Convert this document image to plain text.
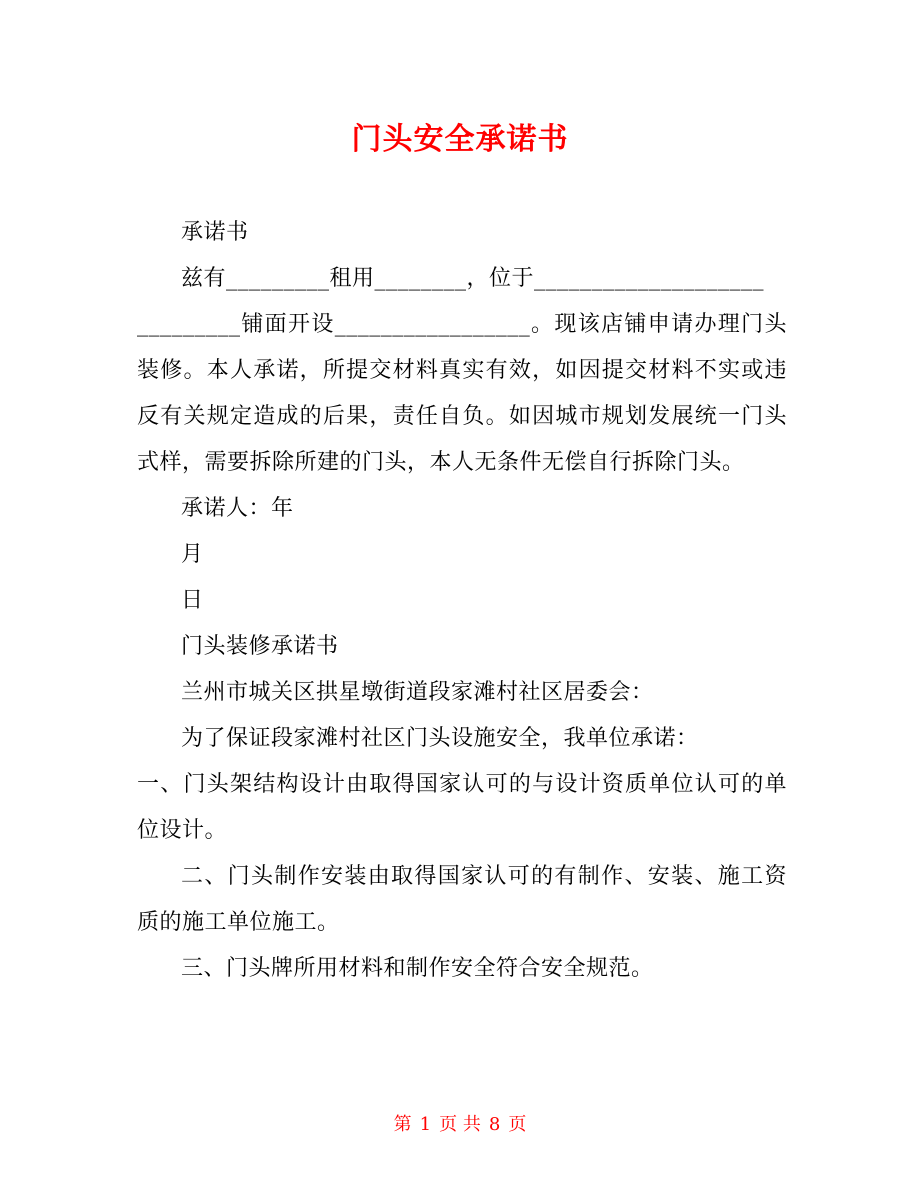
门头安全承诺书

承诺书

兹有_________租用________，位于____________________

_________铺面开设_________________。现该店铺申请办理门头装修。本人承诺，所提交材料真实有效，如因提交材料不实或违反有关规定造成的后果，责任自负。如因城市规划发展统一门头式样，需要拆除所建的门头，本人无条件无偿自行拆除门头。

承诺人：年

月

日

门头装修承诺书

兰州市城关区拱星墩街道段家滩村社区居委会：

为了保证段家滩村社区门头设施安全，我单位承诺：

一、门头架结构设计由取得国家认可的与设计资质单位认可的单位设计。

二、门头制作安装由取得国家认可的有制作、安装、施工资质的施工单位施工。

三、门头牌所用材料和制作安全符合安全规范。

第 1 页 共 8 页
